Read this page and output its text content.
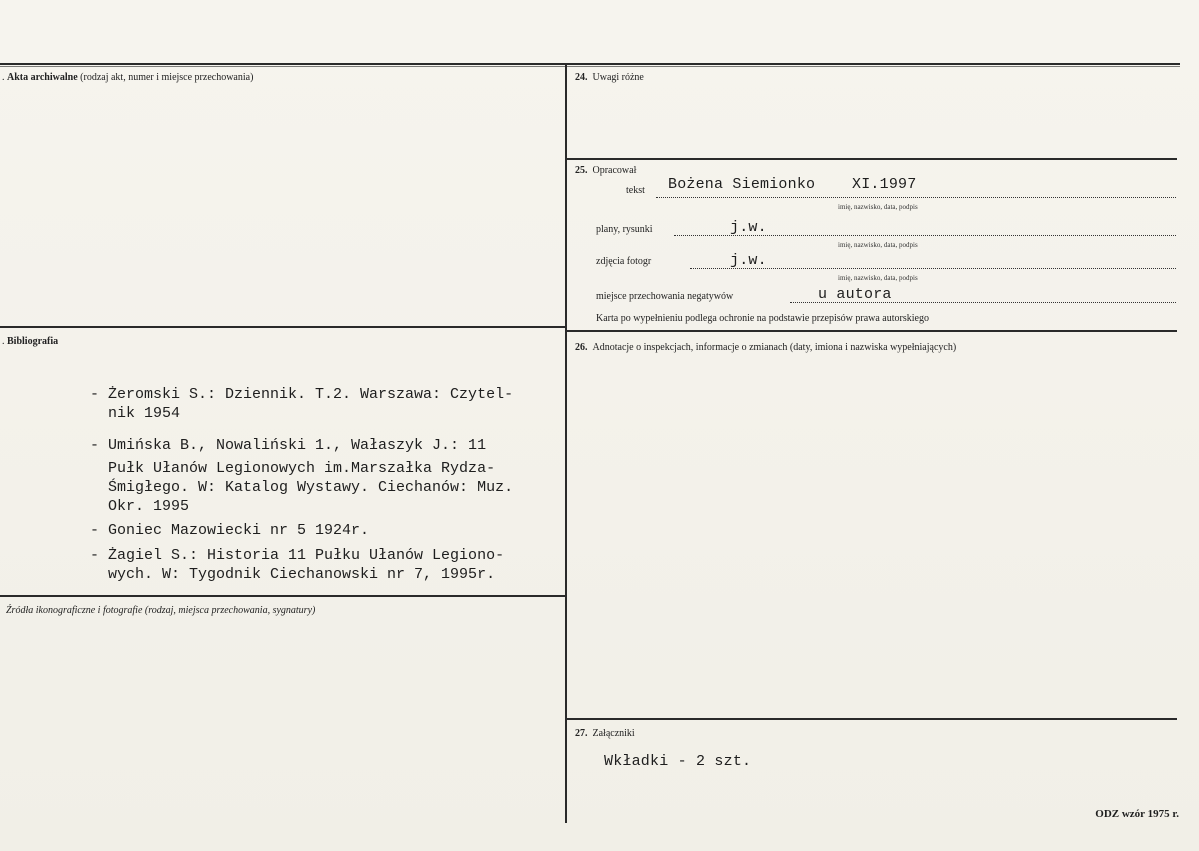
. Akta archiwalne (rodzaj akt, numer i miejsce przechowania)	24. Uwagi różne
25. Opracował
tekst Bożena Siemionko    XI.1997
imię, nazwisko, data, podpis
plany, rysunki	j.w.
imię, nazwisko, data, podpis
zdjęcia fotogr	j.w.
imię, nazwisko, data, podpis
miejsce przechowania negatywów	u autora
Karta po wypełnieniu podlega ochronie na podstawie przepisów prawa autorskiego
. Bibliografia
- Żeromski S.: Dziennik. T.2. Warszawa: Czytel-
nik 1954
- Umińska B., Nowaliński 1., Wałaszyk J.: 11
Pułk Ułanów Legionowych im.Marszałka Rydza-
Śmigłego. W: Katalog Wystawy. Ciechanów: Muz.
Okr. 1995
- Goniec Mazowiecki nr 5 1924r.
- Żagiel S.: Historia 11 Pułku Ułanów Legiono-
wych. W: Tygodnik Ciechanowski nr 7, 1995r.
26. Adnotacje o inspekcjach, informacje o zmianach (daty, imiona i nazwiska wypełniających)
Źródła ikonograficzne i fotografie (rodzaj, miejsca przechowania, sygnatury)
27. Załączniki
Wkładki - 2 szt.
ODZ wzór 1975 r.
